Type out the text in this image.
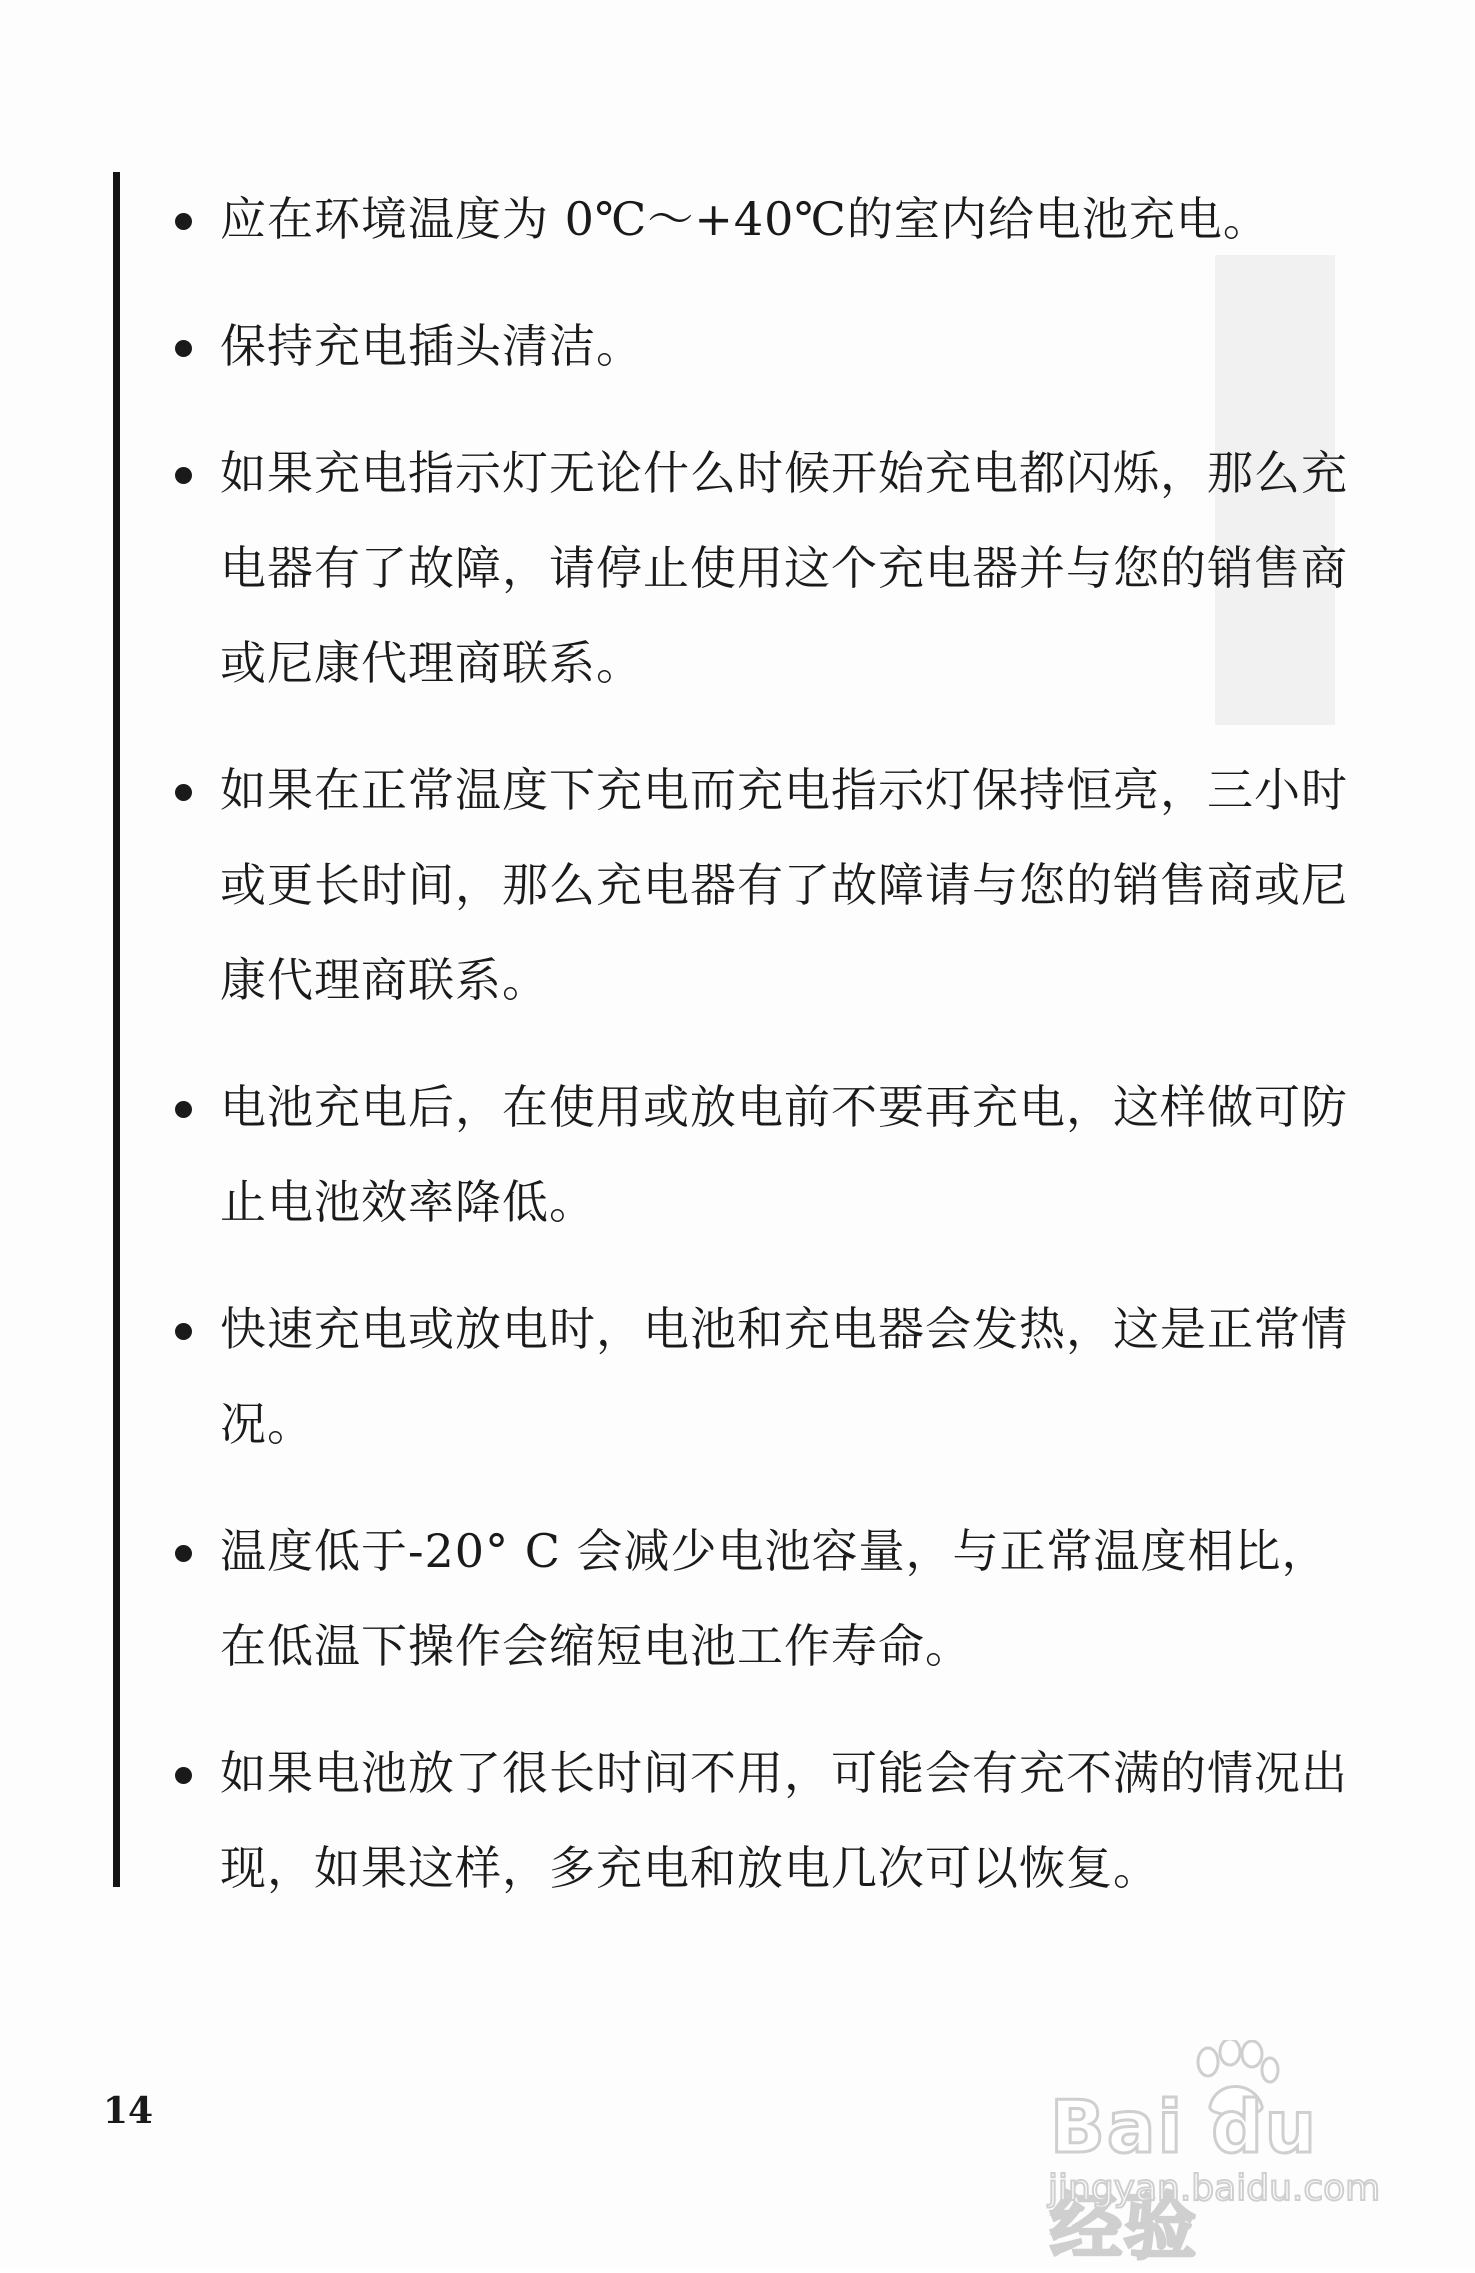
应在环境温度为 0℃～+40℃的室内给电池充电。
保持充电插头清洁。
如果充电指示灯无论什么时候开始充电都闪烁，那么充电器有了故障，请停止使用这个充电器并与您的销售商或尼康代理商联系。
如果在正常温度下充电而充电指示灯保持恒亮，三小时或更长时间，那么充电器有了故障请与您的销售商或尼康代理商联系。
电池充电后，在使用或放电前不要再充电，这样做可防止电池效率降低。
快速充电或放电时，电池和充电器会发热，这是正常情况。
温度低于-20° C 会减少电池容量，与正常温度相比，在低温下操作会缩短电池工作寿命。
如果电池放了很长时间不用，可能会有充不满的情况出现，如果这样，多充电和放电几次可以恢复。
14	Bai du 经验
jingyan.baidu.com
